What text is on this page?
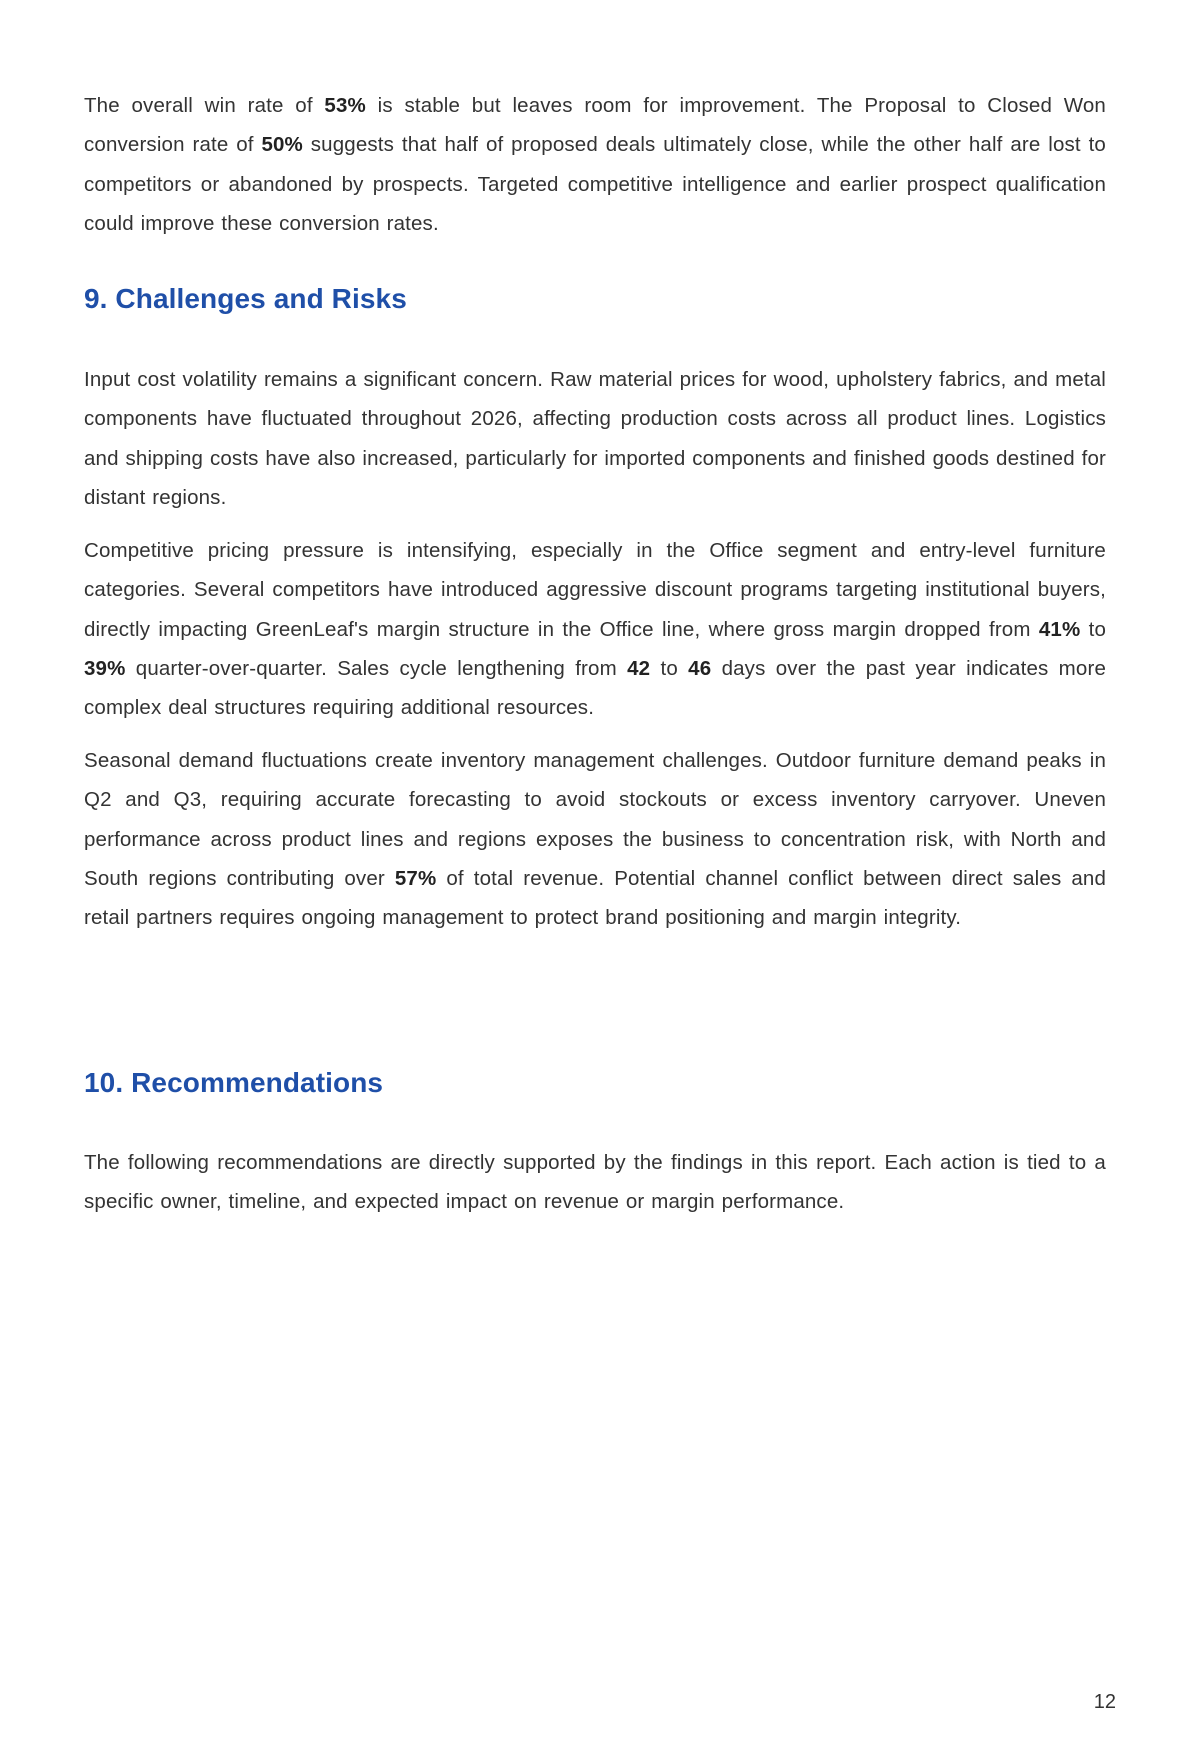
The overall win rate of 53% is stable but leaves room for improvement. The Proposal to Closed Won conversion rate of 50% suggests that half of proposed deals ultimately close, while the other half are lost to competitors or abandoned by prospects. Targeted competitive intelligence and earlier prospect qualification could improve these conversion rates.

9. Challenges and Risks

Input cost volatility remains a significant concern. Raw material prices for wood, upholstery fabrics, and metal components have fluctuated throughout 2026, affecting production costs across all product lines. Logistics and shipping costs have also increased, particularly for imported components and finished goods destined for distant regions.

Competitive pricing pressure is intensifying, especially in the Office segment and entry-level furniture categories. Several competitors have introduced aggressive discount programs targeting institutional buyers, directly impacting GreenLeaf's margin structure in the Office line, where gross margin dropped from 41% to 39% quarter-over-quarter. Sales cycle lengthening from 42 to 46 days over the past year indicates more complex deal structures requiring additional resources.

Seasonal demand fluctuations create inventory management challenges. Outdoor furniture demand peaks in Q2 and Q3, requiring accurate forecasting to avoid stockouts or excess inventory carryover. Uneven performance across product lines and regions exposes the business to concentration risk, with North and South regions contributing over 57% of total revenue. Potential channel conflict between direct sales and retail partners requires ongoing management to protect brand positioning and margin integrity.

10. Recommendations

The following recommendations are directly supported by the findings in this report. Each action is tied to a specific owner, timeline, and expected impact on revenue or margin performance.

12
